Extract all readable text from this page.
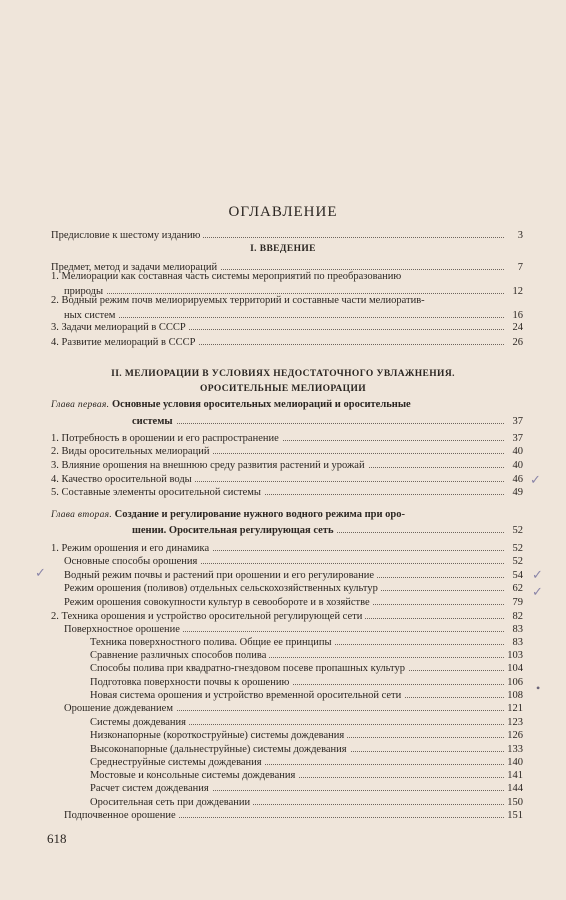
ОГЛАВЛЕНИЕ
Предисловие к шестому изданию	3
I. ВВЕДЕНИЕ
Предмет, метод и задачи мелиораций	7
1. Мелиорации как составная часть системы мероприятий по преобразованию
природы	12
2. Водный режим почв мелиорируемых территорий и составные части мелиоратив-
ных систем	16
3. Задачи мелиораций в СССР	24
4. Развитие мелиораций в СССР	26
II. МЕЛИОРАЦИИ В УСЛОВИЯХ НЕДОСТАТОЧНОГО УВЛАЖНЕНИЯ.
ОРОСИТЕЛЬНЫЕ МЕЛИОРАЦИИ
Глава первая. Основные условия оросительных мелиораций и оросительные
системы	37
1. Потребность в орошении и его распространение	37
2. Виды оросительных мелиораций	40
3. Влияние орошения на внешнюю среду развития растений и урожай	40
4. Качество оросительной воды	46
5. Составные элементы оросительной системы	49
Глава вторая. Создание и регулирование нужного водного режима при оро-
шении. Оросительная регулирующая сеть	52
1. Режим орошения и его динамика	52
Основные способы орошения	52
Водный режим почвы и растений при орошении и его регулирование	54
Режим орошения (поливов) отдельных сельскохозяйственных культур	62
Режим орошения совокупности культур в севообороте и в хозяйстве	79
2. Техника орошения и устройство оросительной регулирующей сети	82
Поверхностное орошение	83
Техника поверхностного полива. Общие ее принципы	83
Сравнение различных способов полива	103
Способы полива при квадратно-гнездовом посеве пропашных культур	104
Подготовка поверхности почвы к орошению	106
Новая система орошения и устройство временной оросительной сети	108
Орошение дождеванием	121
Системы дождевания	123
Низконапорные (короткоструйные) системы дождевания	126
Высоконапорные (дальнеструйные) системы дождевания	133
Среднеструйные системы дождевания	140
Мостовые и консольные системы дождевания	141
Расчет систем дождевания	144
Оросительная сеть при дождевании	150
Подпочвенное орошение	151
618
✓
✓
✓
✓
•
